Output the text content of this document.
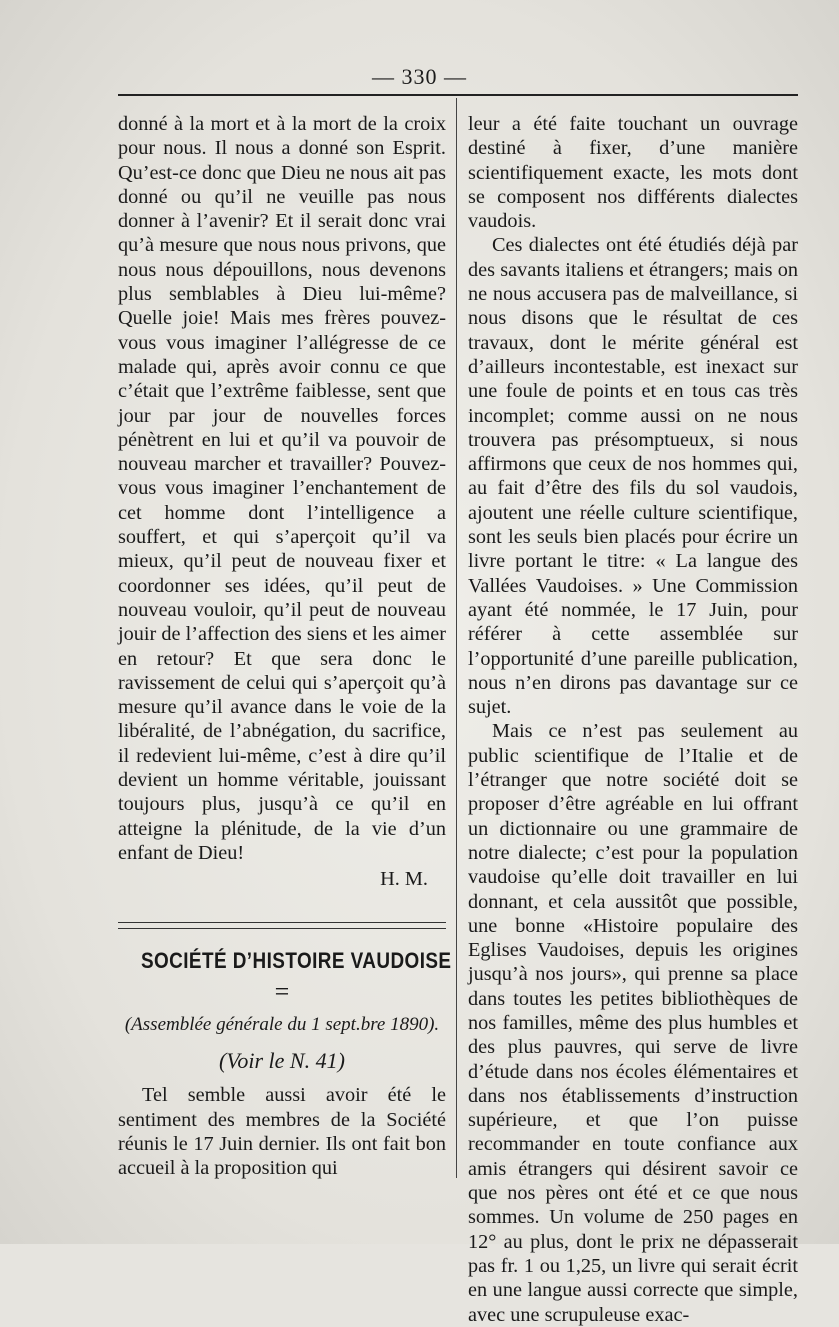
— 330 —

donné à la mort et à la mort de la croix pour nous. Il nous a donné son Esprit. Qu’est-ce donc que Dieu ne nous ait pas donné ou qu’il ne veuille pas nous donner à l’avenir? Et il serait donc vrai qu’à mesure que nous nous privons, que nous nous dépouillons, nous devenons plus semblables à Dieu lui-même? Quelle joie! Mais mes frères pouvez-vous vous imaginer l’allégresse de ce malade qui, après avoir connu ce que c’était que l’extrême faiblesse, sent que jour par jour de nouvelles forces pénètrent en lui et qu’il va pouvoir de nouveau marcher et travailler? Pouvez-vous vous imaginer l’enchantement de cet homme dont l’intelligence a souffert, et qui s’aperçoit qu’il va mieux, qu’il peut de nouveau fixer et coordonner ses idées, qu’il peut de nouveau vouloir, qu’il peut de nouveau jouir de l’affection des siens et les aimer en retour? Et que sera donc le ravissement de celui qui s’aperçoit qu’à mesure qu’il avance dans le voie de la libéralité, de l’abnégation, du sacrifice, il redevient lui-même, c’est à dire qu’il devient un homme véritable, jouissant toujours plus, jusqu’à ce qu’il en atteigne la plénitude, de la vie d’un enfant de Dieu!

H. M.

SOCIÉTÉ D’HISTOIRE VAUDOISE
=
(Assemblée générale du 1 sept.bre 1890).
(Voir le N. 41)

Tel semble aussi avoir été le sentiment des membres de la Société réunis le 17 Juin dernier. Ils ont fait bon accueil à la proposition qui

leur a été faite touchant un ouvrage destiné à fixer, d’une manière scientifiquement exacte, les mots dont se composent nos différents dialectes vaudois.

Ces dialectes ont été étudiés déjà par des savants italiens et étrangers; mais on ne nous accusera pas de malveillance, si nous disons que le résultat de ces travaux, dont le mérite général est d’ailleurs incontestable, est inexact sur une foule de points et en tous cas très incomplet; comme aussi on ne nous trouvera pas présomptueux, si nous affirmons que ceux de nos hommes qui, au fait d’être des fils du sol vaudois, ajoutent une réelle culture scientifique, sont les seuls bien placés pour écrire un livre portant le titre: « La langue des Vallées Vaudoises. » Une Commission ayant été nommée, le 17 Juin, pour référer à cette assemblée sur l’opportunité d’une pareille publication, nous n’en dirons pas davantage sur ce sujet.

Mais ce n’est pas seulement au public scientifique de l’Italie et de l’étranger que notre société doit se proposer d’être agréable en lui offrant un dictionnaire ou une grammaire de notre dialecte; c’est pour la population vaudoise qu’elle doit travailler en lui donnant, et cela aussitôt que possible, une bonne «Histoire populaire des Eglises Vaudoises, depuis les origines jusqu’à nos jours», qui prenne sa place dans toutes les petites bibliothèques de nos familles, même des plus humbles et des plus pauvres, qui serve de livre d’étude dans nos écoles élémentaires et dans nos établissements d’instruction supérieure, et que l’on puisse recommander en toute confiance aux amis étrangers qui désirent savoir ce que nos pères ont été et ce que nous sommes. Un volume de 250 pages en 12° au plus, dont le prix ne dépasserait pas fr. 1 ou 1,25, un livre qui serait écrit en une langue aussi correcte que simple, avec une scrupuleuse exac-
